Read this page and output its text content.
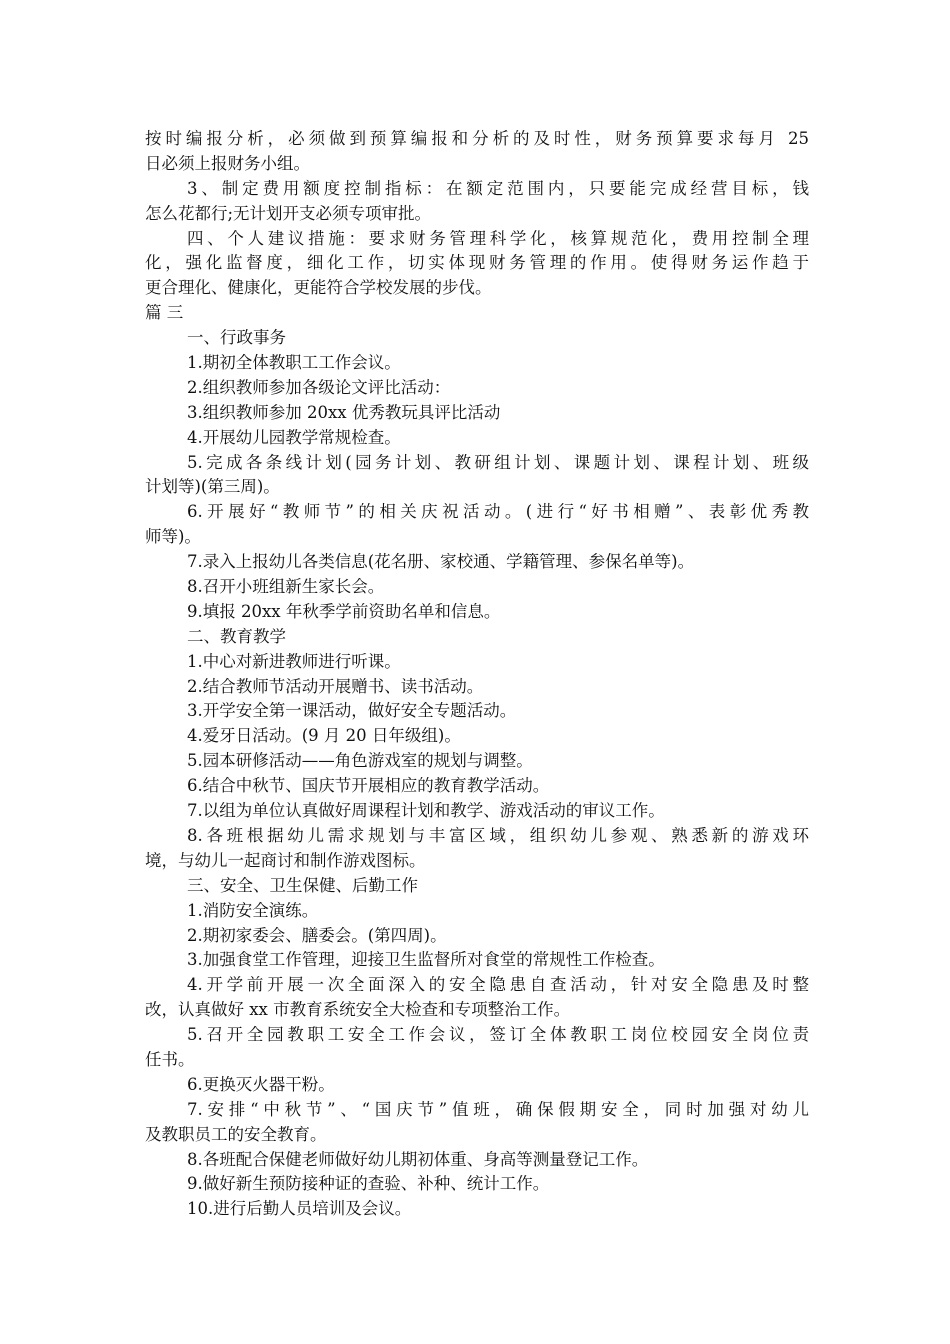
按时编报分析，必须做到预算编报和分析的及时性，财务预算要求每月 25
日必须上报财务小组。
3、制定费用额度控制指标：在额定范围内，只要能完成经营目标，钱
怎么花都行;无计划开支必须专项审批。
四、个人建议措施：要求财务管理科学化，核算规范化，费用控制全理
化，强化监督度，细化工作，切实体现财务管理的作用。使得财务运作趋于
更合理化、健康化，更能符合学校发展的步伐。
篇 三
一、行政事务
1.期初全体教职工工作会议。
2.组织教师参加各级论文评比活动：
3.组织教师参加 20xx 优秀教玩具评比活动
4.开展幼儿园教学常规检查。
5.完成各条线计划(园务计划、教研组计划、课题计划、课程计划、班级
计划等)(第三周)。
6.开展好“教师节”的相关庆祝活动。(进行“好书相赠”、表彰优秀教
师等)。
7.录入上报幼儿各类信息(花名册、家校通、学籍管理、参保名单等)。
8.召开小班组新生家长会。
9.填报 20xx 年秋季学前资助名单和信息。
二、教育教学
1.中心对新进教师进行听课。
2.结合教师节活动开展赠书、读书活动。
3.开学安全第一课活动，做好安全专题活动。
4.爱牙日活动。(9 月 20 日年级组)。
5.园本研修活动——角色游戏室的规划与调整。
6.结合中秋节、国庆节开展相应的教育教学活动。
7.以组为单位认真做好周课程计划和教学、游戏活动的审议工作。
8.各班根据幼儿需求规划与丰富区域，组织幼儿参观、熟悉新的游戏环
境，与幼儿一起商讨和制作游戏图标。
三、安全、卫生保健、后勤工作
1.消防安全演练。
2.期初家委会、膳委会。(第四周)。
3.加强食堂工作管理，迎接卫生监督所对食堂的常规性工作检查。
4.开学前开展一次全面深入的安全隐患自查活动，针对安全隐患及时整
改，认真做好 xx 市教育系统安全大检查和专项整治工作。
5.召开全园教职工安全工作会议，签订全体教职工岗位校园安全岗位责
任书。
6.更换灭火器干粉。
7.安排“中秋节”、“国庆节”值班，确保假期安全，同时加强对幼儿
及教职员工的安全教育。
8.各班配合保健老师做好幼儿期初体重、身高等测量登记工作。
9.做好新生预防接种证的查验、补种、统计工作。
10.进行后勤人员培训及会议。
